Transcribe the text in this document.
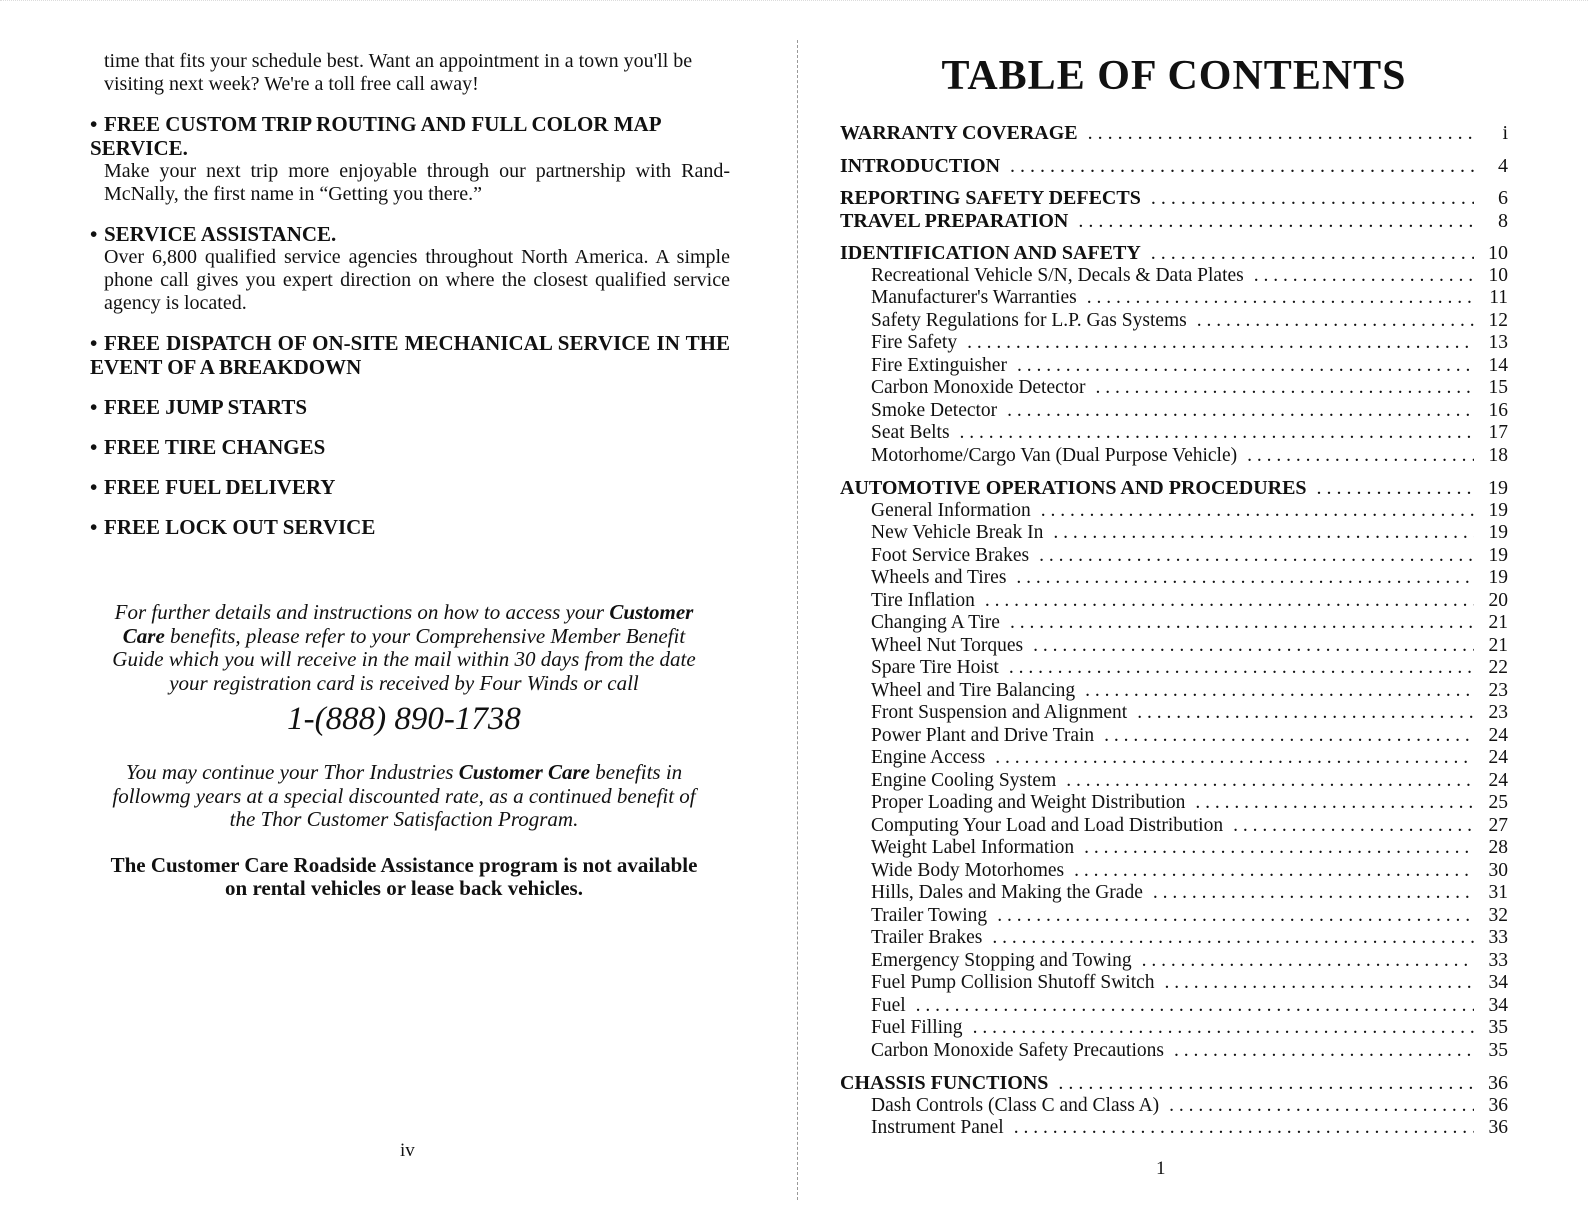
time that fits your schedule best. Want an appointment in a town you'll be visiting next week? We're a toll free call away!

• FREE CUSTOM TRIP ROUTING AND FULL COLOR MAP SERVICE.
Make your next trip more enjoyable through our partnership with Rand-McNally, the first name in “Getting you there.”
• SERVICE ASSISTANCE.
Over 6,800 qualified service agencies throughout North America. A simple phone call gives you expert direction on where the closest qualified service agency is located.
• FREE DISPATCH OF ON-SITE MECHANICAL SERVICE IN THE EVENT OF A BREAKDOWN
• FREE JUMP STARTS
• FREE TIRE CHANGES
• FREE FUEL DELIVERY
• FREE LOCK OUT SERVICE
For further details and instructions on how to access your Customer Care benefits, please refer to your Comprehensive Member Benefit Guide which you will receive in the mail within 30 days from the date your registration card is received by Four Winds or call
1-(888) 890-1738
You may continue your Thor Industries Customer Care benefits in followmg years at a special discounted rate, as a continued benefit of the Thor Customer Satisfaction Program.
The Customer Care Roadside Assistance program is not available on rental vehicles or lease back vehicles.
iv
TABLE OF CONTENTS
WARRANTY COVERAGE . . .	i
INTRODUCTION . . .	4
REPORTING SAFETY DEFECTS . . .	6
TRAVEL PREPARATION . . .	8
IDENTIFICATION AND SAFETY . . .	10
Recreational Vehicle S/N, Decals & Data Plates . . .	10
Manufacturer's Warranties . . .	11
Safety Regulations for L.P. Gas Systems . . .	12
Fire Safety . . .	13
Fire Extinguisher . . .	14
Carbon Monoxide Detector . . .	15
Smoke Detector . . .	16
Seat Belts . . .	17
Motorhome/Cargo Van (Dual Purpose Vehicle) . . .	18
AUTOMOTIVE OPERATIONS AND PROCEDURES . . .	19
General Information . . .	19
New Vehicle Break In . . .	19
Foot Service Brakes . . .	19
Wheels and Tires . . .	19
Tire Inflation . . .	20
Changing A Tire . . .	21
Wheel Nut Torques . . .	21
Spare Tire Hoist . . .	22
Wheel and Tire Balancing . . .	23
Front Suspension and Alignment . . .	23
Power Plant and Drive Train . . .	24
Engine Access . . .	24
Engine Cooling System . . .	24
Proper Loading and Weight Distribution . . .	25
Computing Your Load and Load Distribution . . .	27
Weight Label Information . . .	28
Wide Body Motorhomes . . .	30
Hills, Dales and Making the Grade . . .	31
Trailer Towing . . .	32
Trailer Brakes . . .	33
Emergency Stopping and Towing . . .	33
Fuel Pump Collision Shutoff Switch . . .	34
Fuel . . .	34
Fuel Filling . . .	35
Carbon Monoxide Safety Precautions . . .	35
CHASSIS FUNCTIONS . . .	36
Dash Controls (Class C and Class A) . . .	36
Instrument Panel . . .	36
1
